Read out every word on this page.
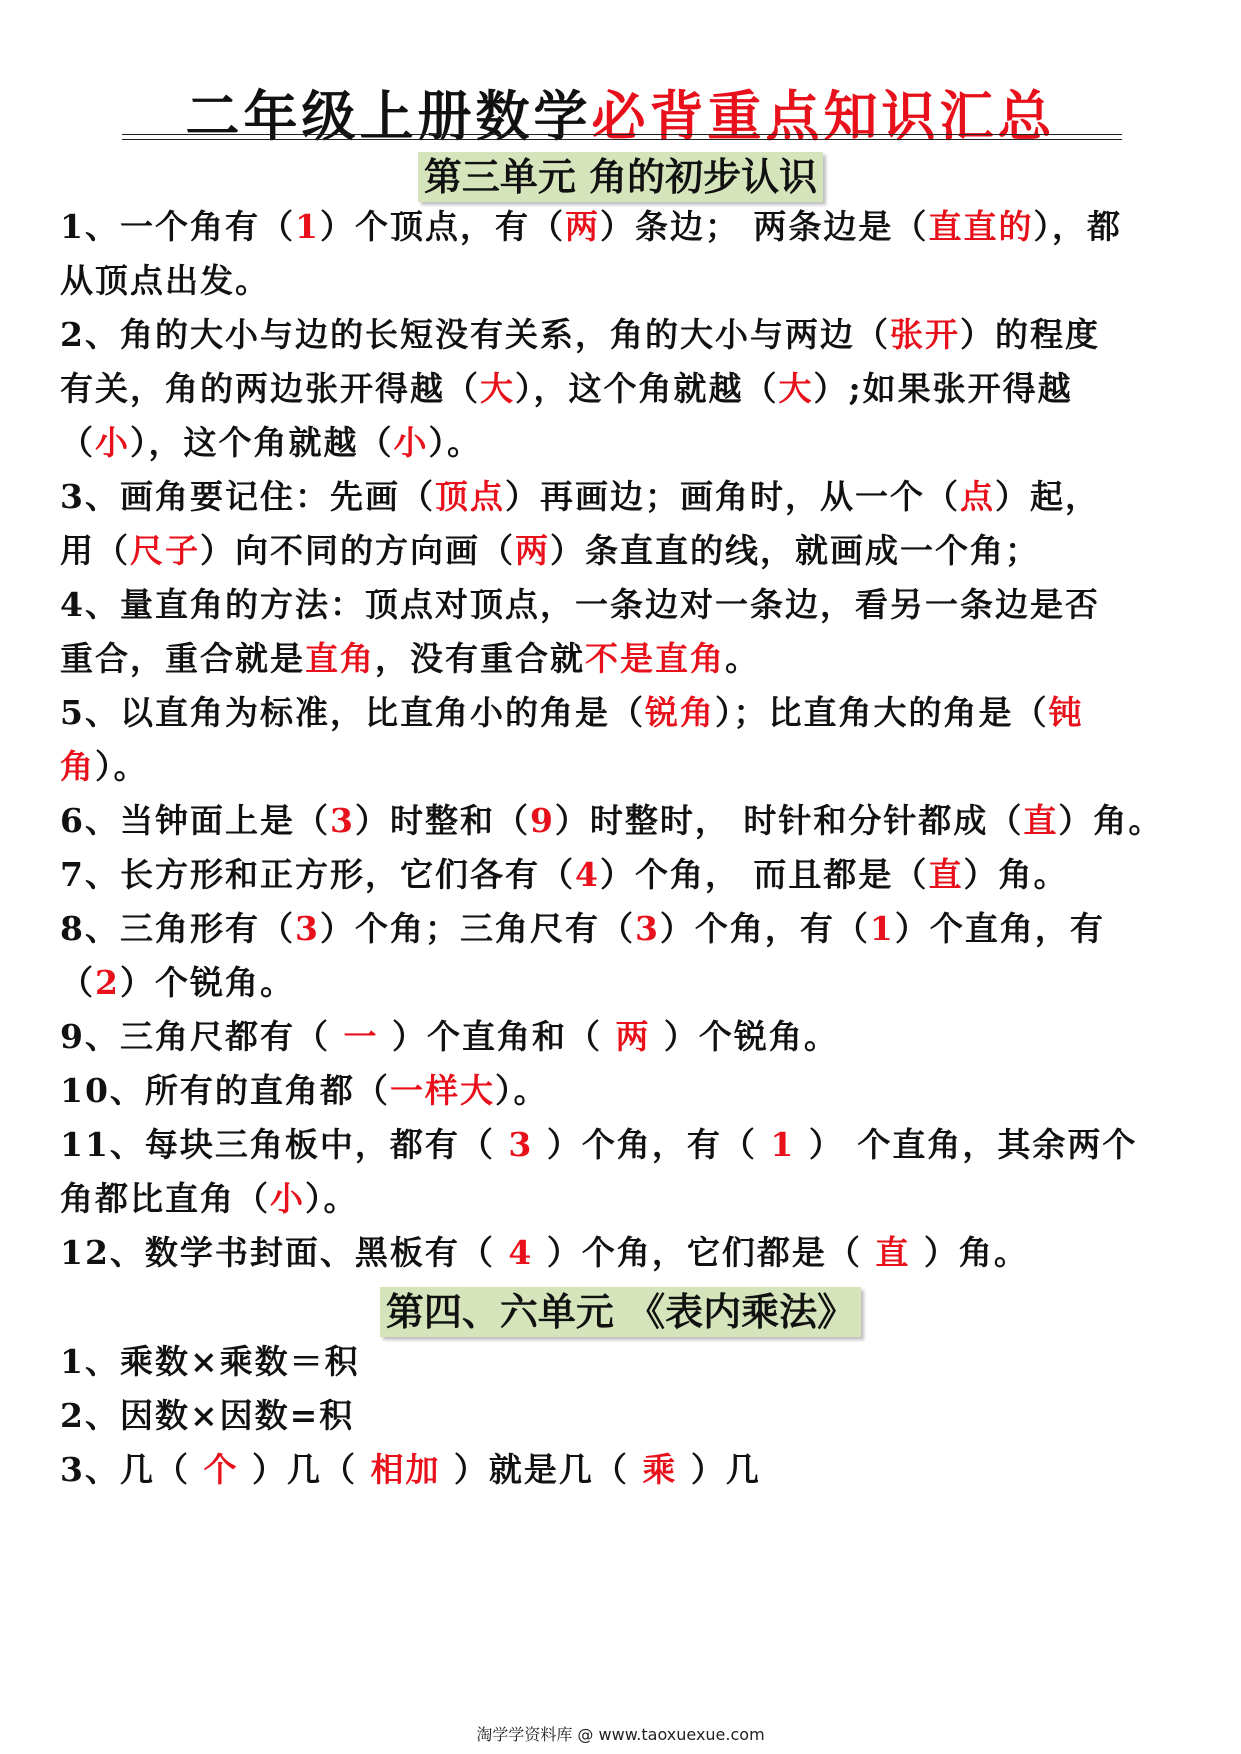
二年级上册数学必背重点知识汇总
第三单元 角的初步认识
1、一个角有（1）个顶点，有（两）条边； 两条边是（直直的），都
从顶点出发。
2、角的大小与边的长短没有关系，角的大小与两边（张开）的程度
有关，角的两边张开得越（大），这个角就越（大）;如果张开得越
（小），这个角就越（小）。
3、画角要记住：先画（顶点）再画边；画角时，从一个（点）起，
用（尺子）向不同的方向画（两）条直直的线，就画成一个角；
4、量直角的方法：顶点对顶点，一条边对一条边，看另一条边是否
重合，重合就是直角，没有重合就不是直角。
5、以直角为标准，比直角小的角是（锐角）；比直角大的角是（钝
角）。
6、当钟面上是（3）时整和（9）时整时， 时针和分针都成（直）角。
7、长方形和正方形，它们各有（4）个角， 而且都是（直）角。
8、三角形有（3）个角；三角尺有（3）个角，有（1）个直角，有
（2）个锐角。
9、三角尺都有（ 一 ）个直角和（ 两 ）个锐角。
10、所有的直角都（一样大）。
11、每块三角板中，都有（ 3 ）个角，有（ 1 ） 个直角，其余两个
角都比直角（小）。
12、数学书封面、黑板有（ 4 ）个角，它们都是（ 直 ）角。
第四、六单元 《表内乘法》
1、乘数×乘数＝积
2、因数×因数=积
3、几（ 个 ）几（ 相加 ）就是几（ 乘 ）几
淘学学资料库 @ www.taoxuexue.com
